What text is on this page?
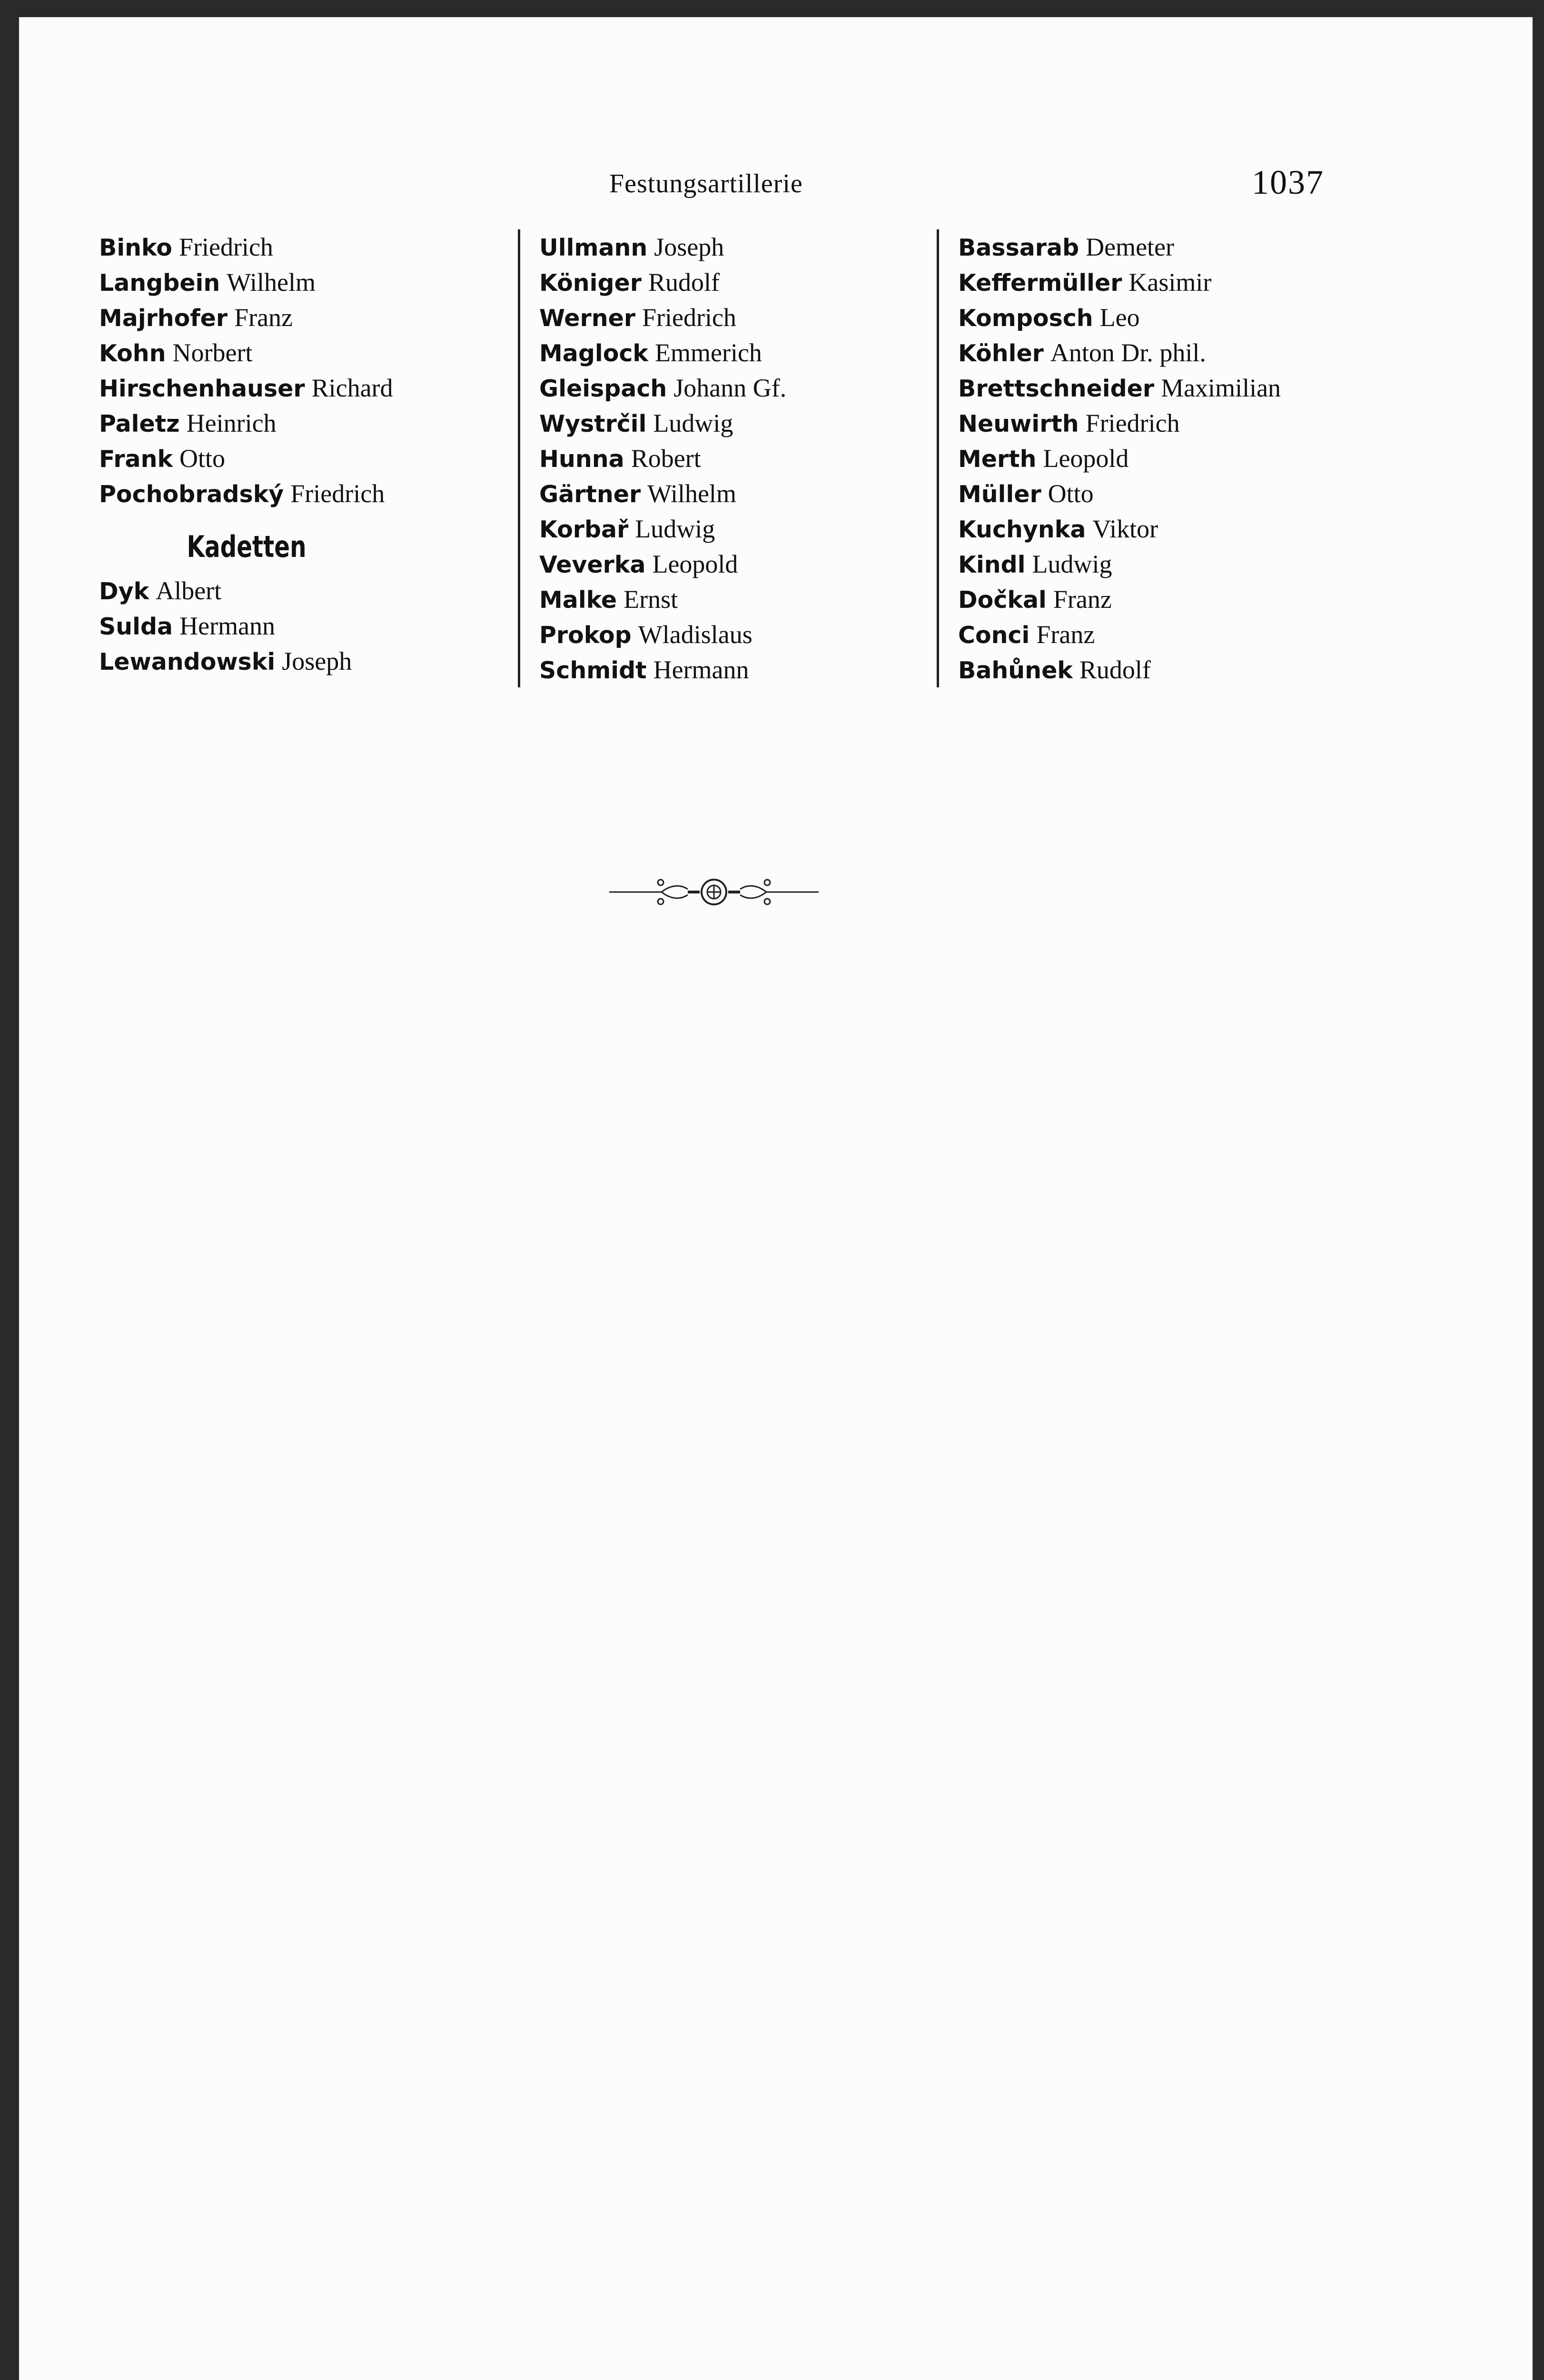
Festungsartillerie	1037
Binko Friedrich
Langbein Wilhelm
Majrhofer Franz
Kohn Norbert
Hirschenhauser Richard
Paletz Heinrich
Frank Otto
Pochobradský Friedrich
Kadetten
Dyk Albert
Sulda Hermann
Lewandowski Joseph
Ullmann Joseph
Königer Rudolf
Werner Friedrich
Maglock Emmerich
Gleispach Johann Gf.
Wystrčil Ludwig
Hunna Robert
Gärtner Wilhelm
Korbař Ludwig
Veverka Leopold
Malke Ernst
Prokop Wladislaus
Schmidt Hermann
Bassarab Demeter
Keffermüller Kasimir
Komposch Leo
Köhler Anton Dr. phil.
Brettschneider Maximilian
Neuwirth Friedrich
Merth Leopold
Müller Otto
Kuchynka Viktor
Kindl Ludwig
Dočkal Franz
Conci Franz
Bahůnek Rudolf
